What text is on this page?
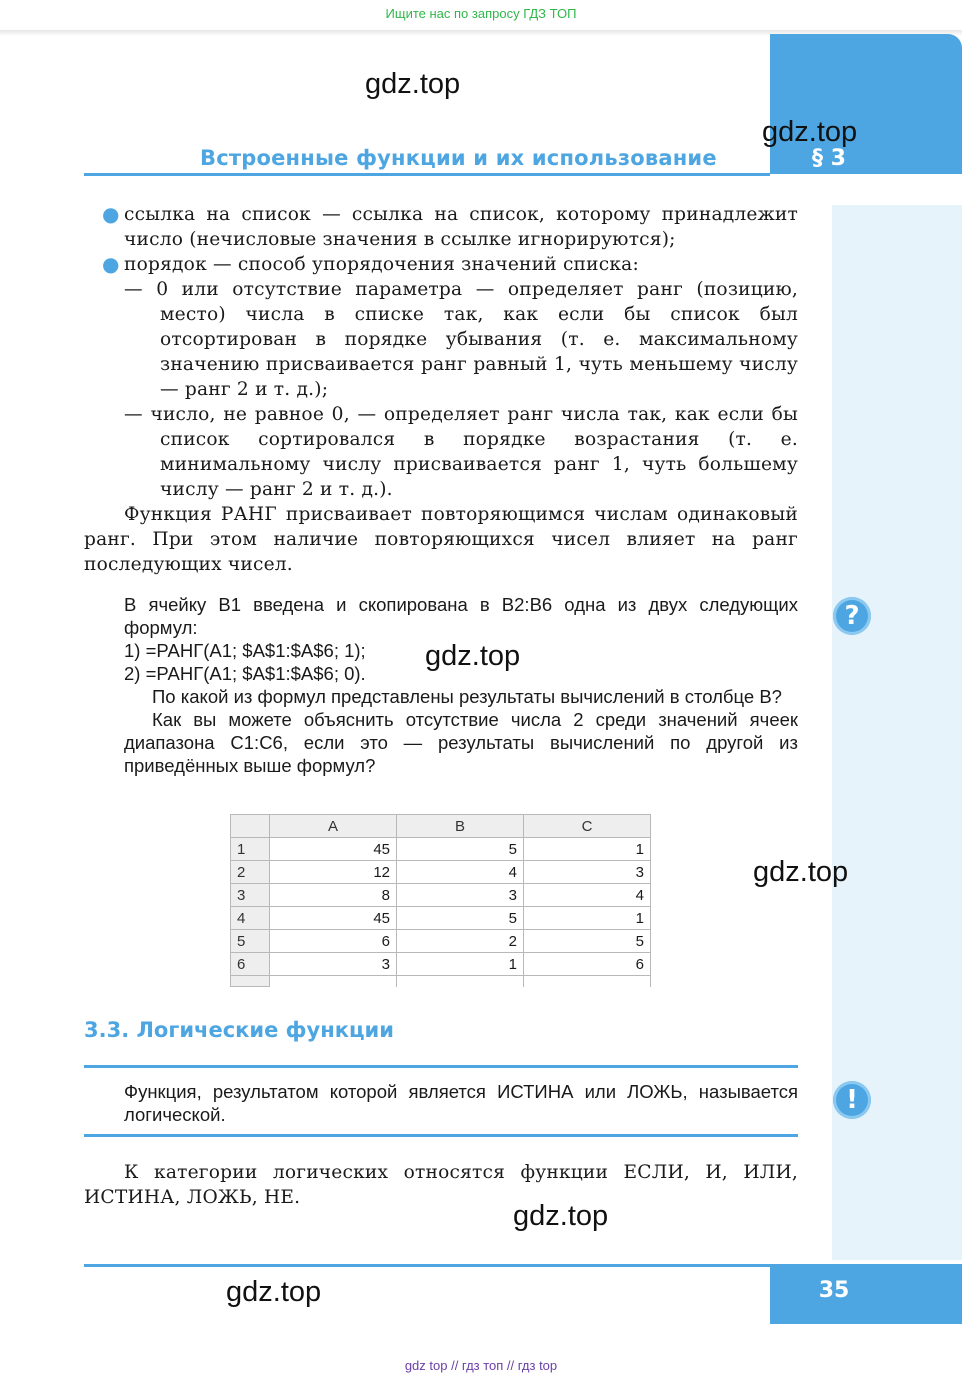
Ищите нас по запросу ГДЗ ТОП
§ 3
gdz.top
gdz.top
Встроенные функции и их использование
● ссылка на список — ссылка на список, которому принадлежит число (нечисловые значения в ссылке игнорируются);
● порядок — способ упорядочения значений списка:
— 0 или отсутствие параметра — определяет ранг (позицию, место) числа в списке так, как если бы список был отсортирован в порядке убывания (т. е. максимальному значению присваивается ранг равный 1, чуть меньшему числу — ранг 2 и т. д.);
— число, не равное 0, — определяет ранг числа так, как если бы список сортировался в порядке возрастания (т. е. минимальному числу присваивается ранг 1, чуть большему числу — ранг 2 и т. д.).
Функция РАНГ присваивает повторяющимся числам одинаковый ранг. При этом наличие повторяющихся чисел влияет на ранг последующих чисел.
?
В ячейку B1 введена и скопирована в B2:B6 одна из двух следующих формул:
1) =РАНГ(A1; $A$1:$A$6; 1);
2) =РАНГ(A1; $A$1:$A$6; 0).
По какой из формул представлены результаты вычислений в столбце B?
Как вы можете объяснить отсутствие числа 2 среди значений ячеек диапазона C1:C6, если это — результаты вычислений по другой из приведённых выше формул?
gdz.top
	A	B	C
1	45	5	1
2	12	4	3
3	8	3	4
4	45	5	1
5	6	2	5
6	3	1	6

gdz.top
3.3. Логические функции
Функция, результатом которой является ИСТИНА или ЛОЖЬ, называется логической.	!
К категории логических относятся функции ЕСЛИ, И, ИЛИ, ИСТИНА, ЛОЖЬ, НЕ.
gdz.top
35
gdz.top
gdz top // гдз топ // гдз top
